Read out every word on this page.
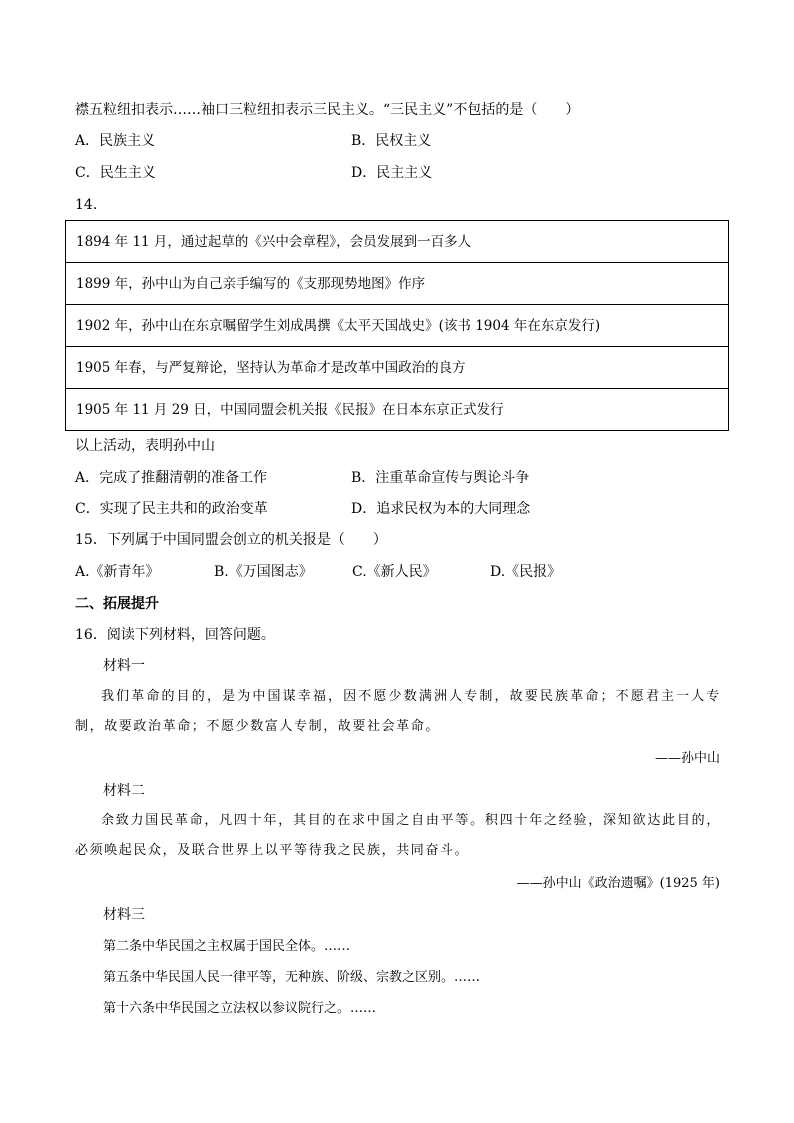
襟五粒纽扣表示……袖口三粒纽扣表示三民主义。“三民主义”不包括的是（　　）
A．民族主义	B．民权主义
C．民生主义	D．民主主义
14．
1894 年 11 月，通过起草的《兴中会章程》，会员发展到一百多人
1899 年，孙中山为自己亲手编写的《支那现势地图》作序
1902 年，孙中山在东京嘱留学生刘成禺撰《太平天国战史》(该书 1904 年在东京发行)
1905 年春，与严复辩论，坚持认为革命才是改革中国政治的良方
1905 年 11 月 29 日，中国同盟会机关报《民报》在日本东京正式发行
以上活动，表明孙中山
A．完成了推翻清朝的准备工作	B．注重革命宣传与舆论斗争
C．实现了民主共和的政治变革	D．追求民权为本的大同理念
15．下列属于中国同盟会创立的机关报是（　　）
A.《新青年》	B.《万国图志》	C.《新人民》	D.《民报》
二、拓展提升
16．阅读下列材料，回答问题。
材料一
我们革命的目的，是为中国谋幸福，因不愿少数满洲人专制，故要民族革命；不愿君主一人专制，故要政治革命；不愿少数富人专制，故要社会革命。
——孙中山
材料二
余致力国民革命，凡四十年，其目的在求中国之自由平等。积四十年之经验，深知欲达此目的，必须唤起民众，及联合世界上以平等待我之民族，共同奋斗。
——孙中山《政治遗嘱》(1925 年)
材料三
第二条中华民国之主权属于国民全体。……
第五条中华民国人民一律平等，无种族、阶级、宗教之区别。……
第十六条中华民国之立法权以参议院行之。……
